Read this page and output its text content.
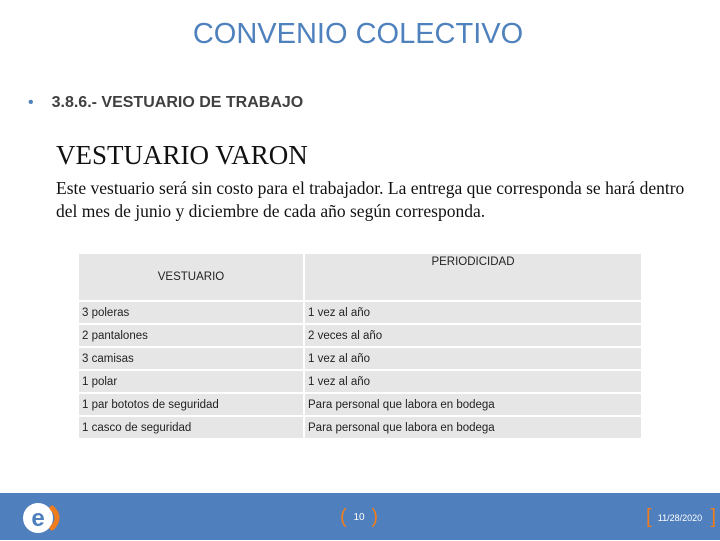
CONVENIO COLECTIVO
• 3.8.6.- VESTUARIO DE TRABAJO
VESTUARIO VARON
Este vestuario será sin costo para el trabajador. La entrega que corresponda se hará dentro del mes de junio y diciembre de cada año según corresponda.
VESTUARIO	PERIODICIDAD
3 poleras	1 vez al año
2 pantalones	2 veces al año
3 camisas	1 vez al año
1 polar	1 vez al año
1 par bototos de seguridad	Para personal que labora en bodega
1 casco de seguridad	Para personal que labora en bodega
e	( 10 )	[ 11/28/2020 ]
